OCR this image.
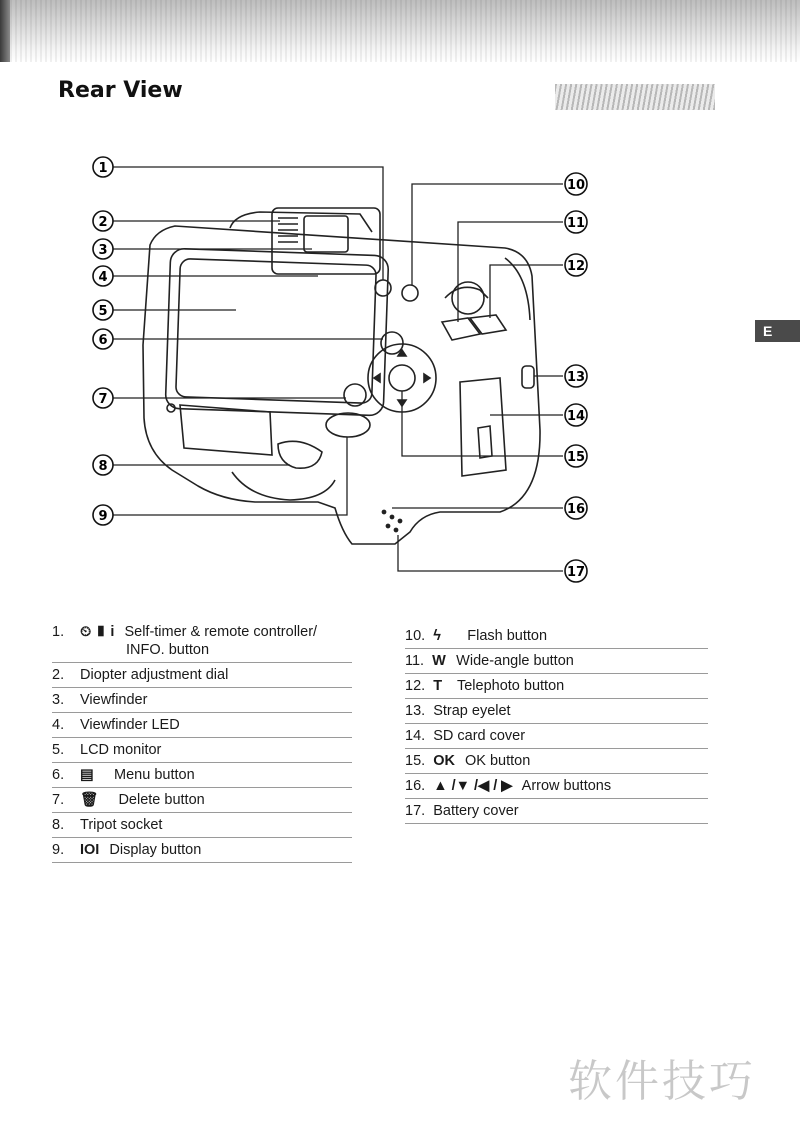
Rear View
E
1
2
3
4
5
6
7
8
9
10
11
12
13
14
15
16
17
1. ⏲ ▮ i Self-timer & remote controller/
INFO. button
2. Diopter adjustment dial
3. Viewfinder
4. Viewfinder LED
5. LCD monitor
6. ▤ Menu button
7. 🗑 Delete button
8. Tripot socket
9. IOI Display button
10. ϟ Flash button
11. W Wide-angle button
12. T Telephoto button
13. Strap eyelet
14. SD card cover
15. OK OK button
16. ▲ /▼ /◀ / ▶ Arrow buttons
17. Battery cover
软件技巧
